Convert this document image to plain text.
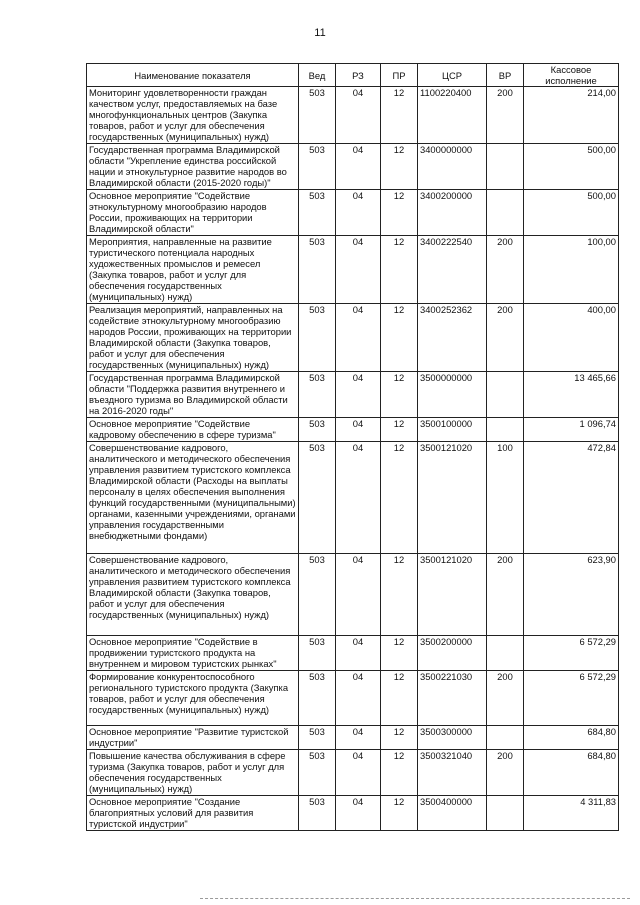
11
Наименование показателя	Вед	РЗ	ПР	ЦСР	ВР	Кассовое исполнение
Мониторинг удовлетворенности граждан качеством услуг, предоставляемых на базе многофункциональных центров (Закупка товаров, работ и услуг для обеспечения государственных (муниципальных) нужд)	503	04	12	1100220400	200	214,00
Государственная программа Владимирской области "Укрепление единства российской нации и этнокультурное развитие народов во Владимирской области (2015-2020 годы)"	503	04	12	3400000000		500,00
Основное мероприятие "Содействие этнокультурному многообразию народов России, проживающих на территории Владимирской области"	503	04	12	3400200000		500,00
Мероприятия, направленные на развитие туристического потенциала народных художественных промыслов и ремесел (Закупка товаров, работ и услуг для обеспечения государственных (муниципальных) нужд)	503	04	12	3400222540	200	100,00
Реализация мероприятий, направленных на содействие этнокультурному многообразию народов России, проживающих на территории Владимирской области (Закупка товаров, работ и услуг для обеспечения государственных (муниципальных) нужд)	503	04	12	3400252362	200	400,00
Государственная программа Владимирской области "Поддержка развития внутреннего и въездного туризма во Владимирской области на 2016-2020 годы"	503	04	12	3500000000		13 465,66
Основное мероприятие "Содействие кадровому обеспечению в сфере туризма"	503	04	12	3500100000		1 096,74
Совершенствование кадрового, аналитического и методического обеспечения управления развитием туристского комплекса Владимирской области (Расходы на выплаты персоналу в целях обеспечения выполнения функций государственными (муниципальными) органами, казенными учреждениями, органами управления государственными внебюджетными фондами)	503	04	12	3500121020	100	472,84
Совершенствование кадрового, аналитического и методического обеспечения управления развитием туристского комплекса Владимирской области (Закупка товаров, работ и услуг для обеспечения государственных (муниципальных) нужд)	503	04	12	3500121020	200	623,90
Основное мероприятие "Содействие в продвижении туристского продукта на внутреннем и мировом туристских рынках"	503	04	12	3500200000		6 572,29
Формирование конкурентоспособного регионального туристского продукта (Закупка товаров, работ и услуг для обеспечения государственных (муниципальных) нужд)	503	04	12	3500221030	200	6 572,29
Основное мероприятие "Развитие туристской индустрии"	503	04	12	3500300000		684,80
Повышение качества обслуживания в сфере туризма (Закупка товаров, работ и услуг для обеспечения государственных (муниципальных) нужд)	503	04	12	3500321040	200	684,80
Основное мероприятие "Создание благоприятных условий для развития туристской индустрии"	503	04	12	3500400000		4 311,83
